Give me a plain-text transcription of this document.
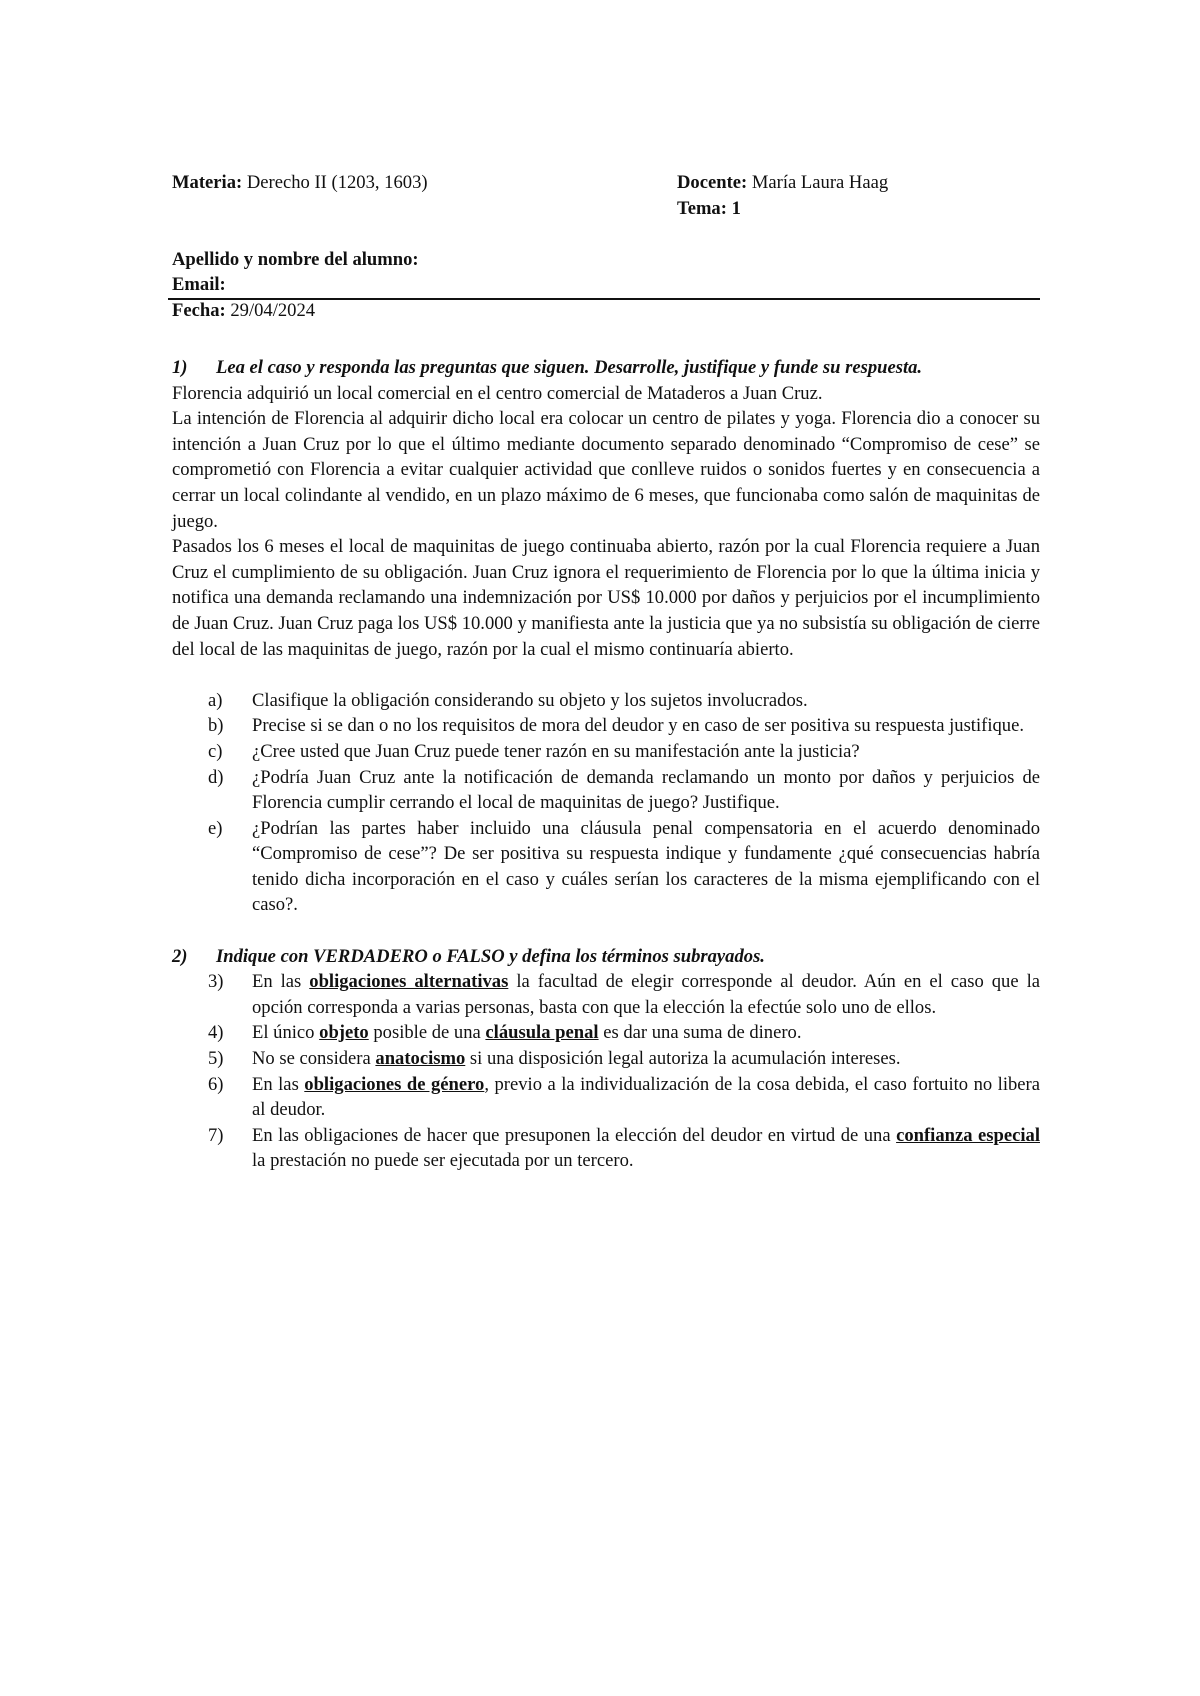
Materia: Derecho II (1203, 1603)	Docente: María Laura Haag
Tema: 1
Apellido y nombre del alumno:
Email:
Fecha: 29/04/2024
1)	Lea el caso y responda las preguntas que siguen. Desarrolle, justifique y funde su respuesta.

Florencia adquirió un local comercial en el centro comercial de Mataderos a Juan Cruz.

La intención de Florencia al adquirir dicho local era colocar un centro de pilates y yoga. Florencia dio a conocer su intención a Juan Cruz por lo que el último mediante documento separado denominado “Compromiso de cese” se comprometió con Florencia a evitar cualquier actividad que conlleve ruidos o sonidos fuertes y en consecuencia a cerrar un local colindante al vendido, en un plazo máximo de 6 meses, que funcionaba como salón de maquinitas de juego.

Pasados los 6 meses el local de maquinitas de juego continuaba abierto, razón por la cual Florencia requiere a Juan Cruz el cumplimiento de su obligación. Juan Cruz ignora el requerimiento de Florencia por lo que la última inicia y notifica una demanda reclamando una indemnización por US$ 10.000 por daños y perjuicios por el incumplimiento de Juan Cruz. Juan Cruz paga los US$ 10.000 y manifiesta ante la justicia que ya no subsistía su obligación de cierre del local de las maquinitas de juego, razón por la cual el mismo continuaría abierto.

a)	Clasifique la obligación considerando su objeto y los sujetos involucrados.
b)	Precise si se dan o no los requisitos de mora del deudor y en caso de ser positiva su respuesta justifique.
c)	¿Cree usted que Juan Cruz puede tener razón en su manifestación ante la justicia?
d)	¿Podría Juan Cruz ante la notificación de demanda reclamando un monto por daños y perjuicios de Florencia cumplir cerrando el local de maquinitas de juego? Justifique.
e)	¿Podrían las partes haber incluido una cláusula penal compensatoria en el acuerdo denominado “Compromiso de cese”? De ser positiva su respuesta indique y fundamente ¿qué consecuencias habría tenido dicha incorporación en el caso y cuáles serían los caracteres de la misma ejemplificando con el caso?.
2)	Indique con VERDADERO o FALSO y defina los términos subrayados.
3)	En las obligaciones alternativas la facultad de elegir corresponde al deudor. Aún en el caso que la opción corresponda a varias personas, basta con que la elección la efectúe solo uno de ellos.
4)	El único objeto posible de una cláusula penal es dar una suma de dinero.
5)	No se considera anatocismo si una disposición legal autoriza la acumulación intereses.
6)	En las obligaciones de género, previo a la individualización de la cosa debida, el caso fortuito no libera al deudor.
7)	En las obligaciones de hacer que presuponen la elección del deudor en virtud de una confianza especial la prestación no puede ser ejecutada por un tercero.
